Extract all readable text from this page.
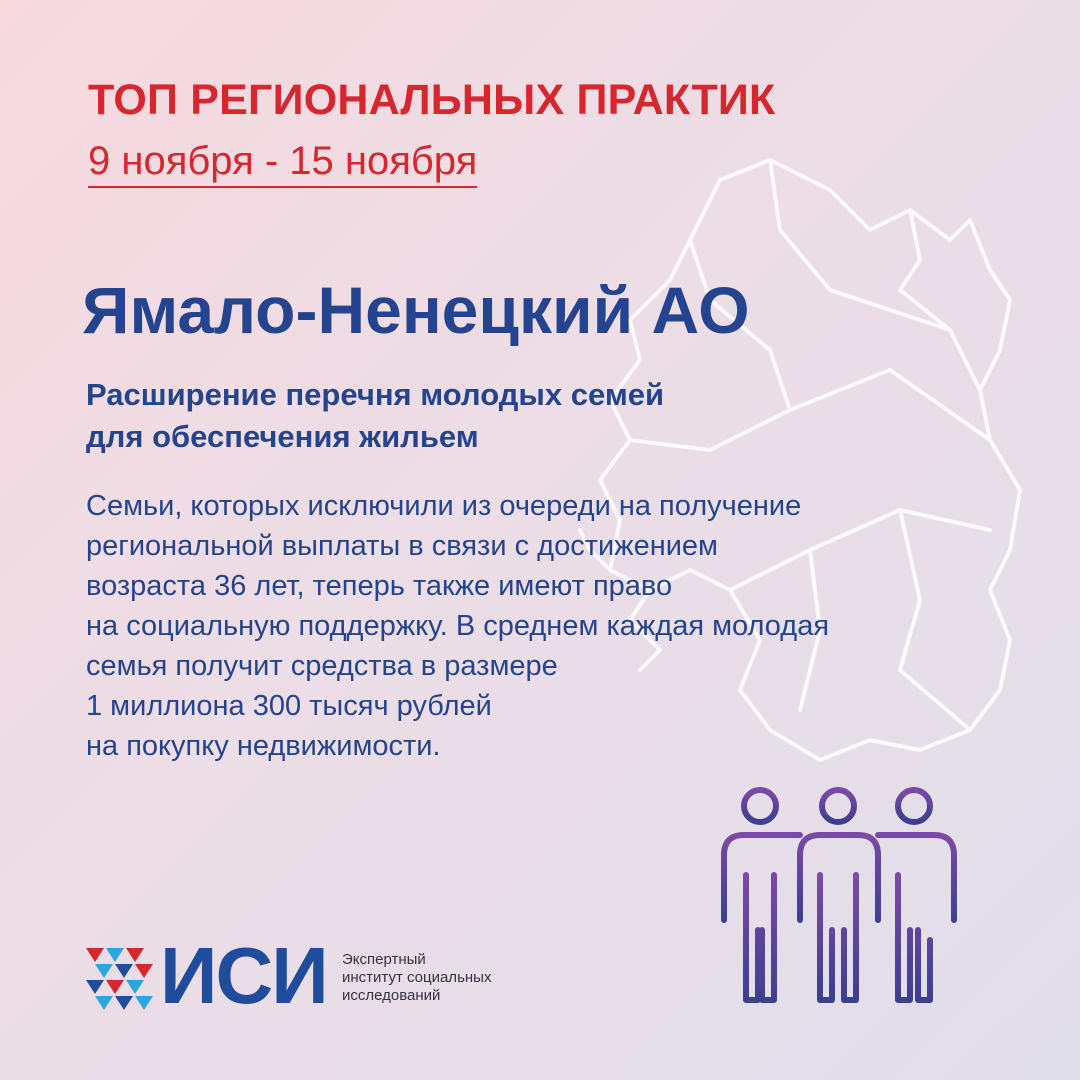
ТОП РЕГИОНАЛЬНЫХ ПРАКТИК
9 ноября - 15 ноября
Ямало-Ненецкий АО
Расширение перечня молодых семей
для обеспечения жильем
Семьи, которых исключили из очереди на получение
региональной выплаты в связи с достижением
возраста 36 лет, теперь также имеют право
на социальную поддержку. В среднем каждая молодая
семья получит средства в размере
1 миллиона 300 тысяч рублей
на покупку недвижимости.
ИСИ Экспертный
институт социальных
исследований
